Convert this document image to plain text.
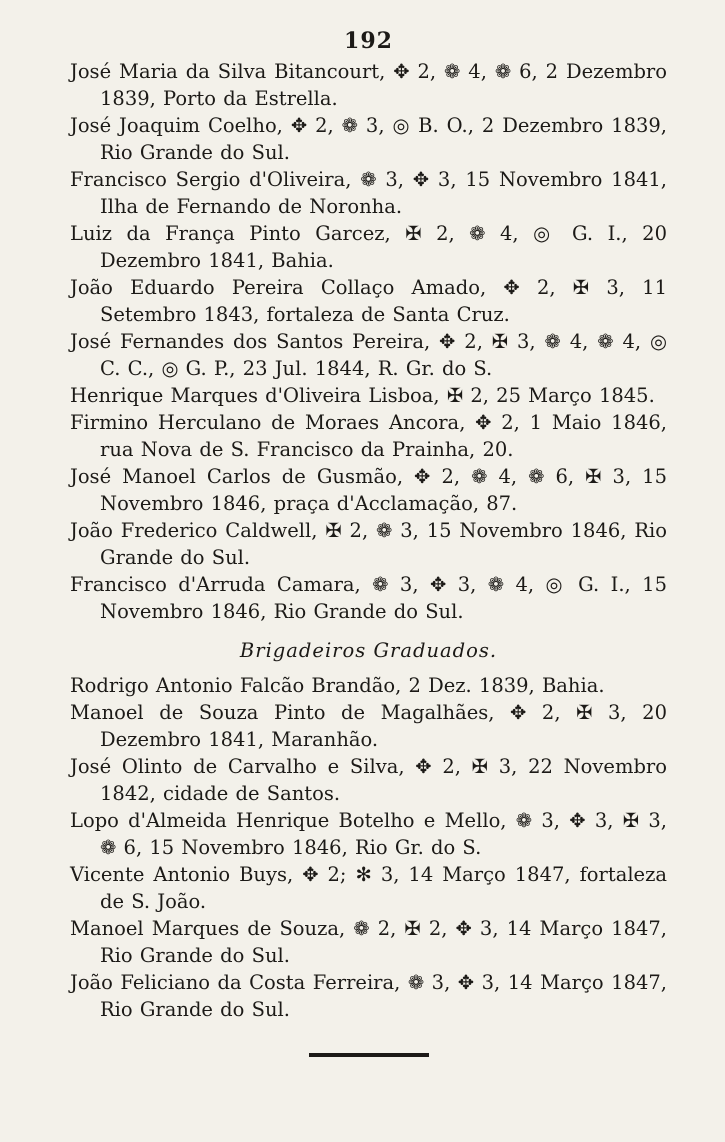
192
José Maria da Silva Bitancourt, ✥ 2, ❁ 4, ❁ 6, 2 Dezembro 1839, Porto da Estrella.
José Joaquim Coelho, ✥ 2, ❁ 3, ◎ B. O., 2 Dezembro 1839, Rio Grande do Sul.
Francisco Sergio d'Oliveira, ❁ 3, ✥ 3, 15 Novembro 1841, Ilha de Fernando de Noronha.
Luiz da França Pinto Garcez, ✠ 2, ❁ 4, ◎ G. I., 20 Dezembro 1841, Bahia.
João Eduardo Pereira Collaço Amado, ✥ 2, ✠ 3, 11 Setembro 1843, fortaleza de Santa Cruz.
José Fernandes dos Santos Pereira, ✥ 2, ✠ 3, ❁ 4, ❁ 4, ◎ C. C., ◎ G. P., 23 Jul. 1844, R. Gr. do S.
Henrique Marques d'Oliveira Lisboa, ✠ 2, 25 Março 1845.
Firmino Herculano de Moraes Ancora, ✥ 2, 1 Maio 1846, rua Nova de S. Francisco da Prainha, 20.
José Manoel Carlos de Gusmão, ✥ 2, ❁ 4, ❁ 6, ✠ 3, 15 Novembro 1846, praça d'Acclamação, 87.
João Frederico Caldwell, ✠ 2, ❁ 3, 15 Novembro 1846, Rio Grande do Sul.
Francisco d'Arruda Camara, ❁ 3, ✥ 3, ❁ 4, ◎ G. I., 15 Novembro 1846, Rio Grande do Sul.
Brigadeiros Graduados.
Rodrigo Antonio Falcão Brandão, 2 Dez. 1839, Bahia.
Manoel de Souza Pinto de Magalhães, ✥ 2, ✠ 3, 20 Dezembro 1841, Maranhão.
José Olinto de Carvalho e Silva, ✥ 2, ✠ 3, 22 Novembro 1842, cidade de Santos.
Lopo d'Almeida Henrique Botelho e Mello, ❁ 3, ✥ 3, ✠ 3, ❁ 6, 15 Novembro 1846, Rio Gr. do S.
Vicente Antonio Buys, ✥ 2; ✻ 3, 14 Março 1847, fortaleza de S. João.
Manoel Marques de Souza, ❁ 2, ✠ 2, ✥ 3, 14 Março 1847, Rio Grande do Sul.
João Feliciano da Costa Ferreira, ❁ 3, ✥ 3, 14 Março 1847, Rio Grande do Sul.
